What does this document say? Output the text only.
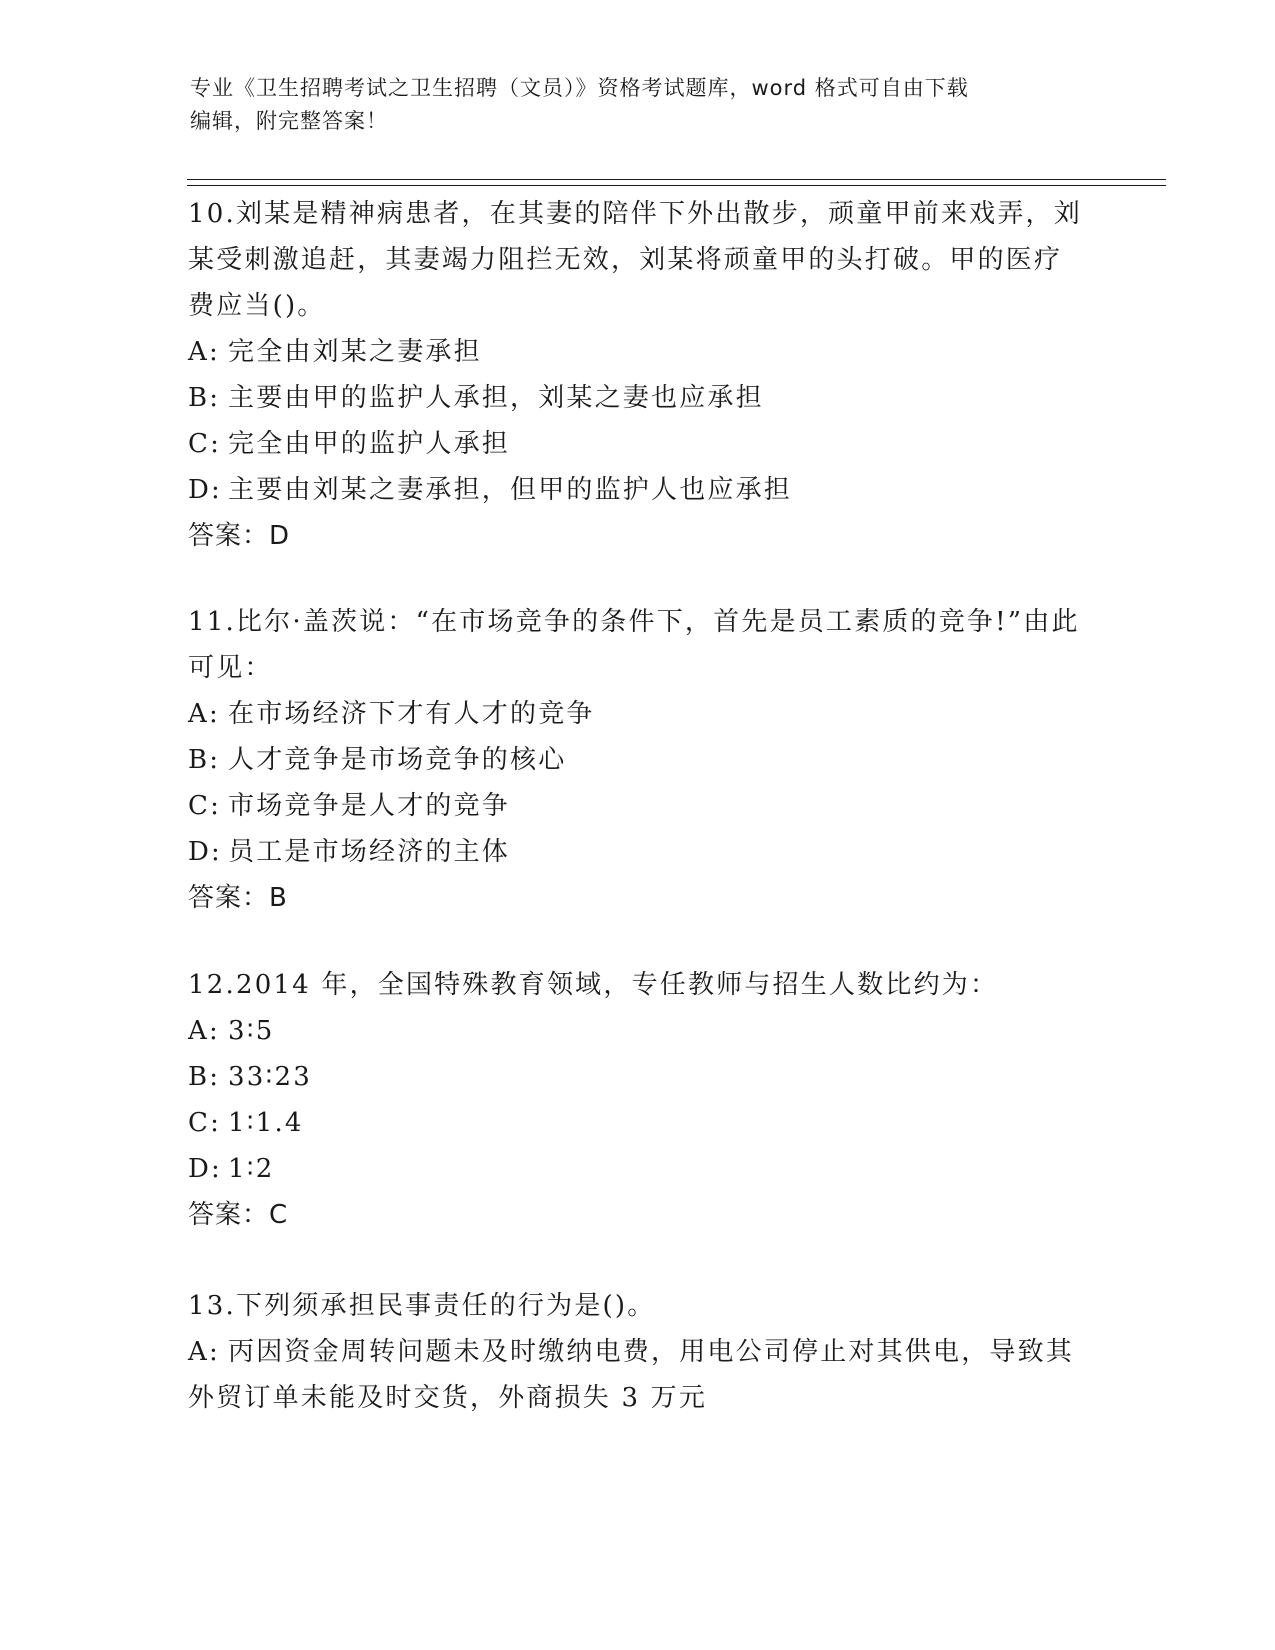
专业《卫生招聘考试之卫生招聘（文员）》资格考试题库，word 格式可自由下载
编辑，附完整答案！
10.刘某是精神病患者，在其妻的陪伴下外出散步，顽童甲前来戏弄，刘某受刺激追赶，其妻竭力阻拦无效，刘某将顽童甲的头打破。甲的医疗费应当()。
A: 完全由刘某之妻承担
B: 主要由甲的监护人承担，刘某之妻也应承担
C: 完全由甲的监护人承担
D: 主要由刘某之妻承担，但甲的监护人也应承担
答案：D
11.比尔·盖茨说：“在市场竞争的条件下，首先是员工素质的竞争!”由此可见：
A: 在市场经济下才有人才的竞争
B: 人才竞争是市场竞争的核心
C: 市场竞争是人才的竞争
D: 员工是市场经济的主体
答案：B
12.2014 年，全国特殊教育领域，专任教师与招生人数比约为：
A: 3∶5
B: 33∶23
C: 1∶1.4
D: 1∶2
答案：C
13.下列须承担民事责任的行为是()。
A: 丙因资金周转问题未及时缴纳电费，用电公司停止对其供电，导致其外贸订单未能及时交货，外商损失 3 万元
